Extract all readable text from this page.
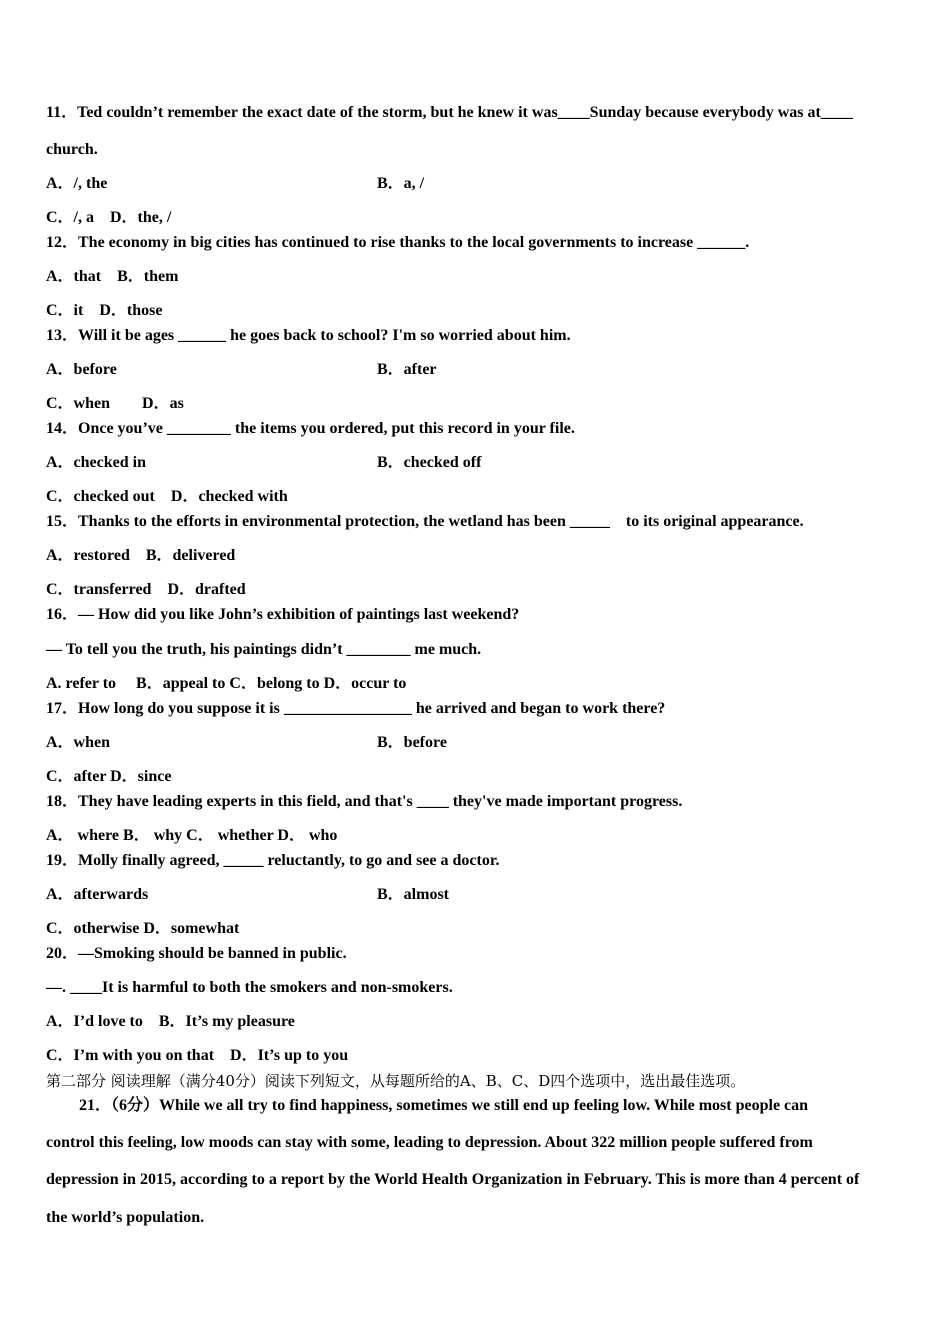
11．Ted couldn’t remember the exact date of the storm, but he knew it was____Sunday because everybody was at____
church.
A．/, the	B．a, /
C．/, a　D．the, /
12．The economy in big cities has continued to rise thanks to the local governments to increase ______.
A．that　B．them
C．it　D．those
13．Will it be ages ______ he goes back to school? I'm so worried about him.
A．before	B．after
C．when　　D．as
14．Once you’ve ________ the items you ordered, put this record in your file.
A．checked in	B．checked off
C．checked out　D．checked with
15．Thanks to the efforts in environmental protection, the wetland has been _____　to its original appearance.
A．restored　B．delivered
C．transferred　D．drafted
16．— How did you like John’s exhibition of paintings last weekend?
— To tell you the truth, his paintings didn’t ________ me much.
A. refer to　 B．appeal to C．belong to D．occur to
17．How long do you suppose it is ________________ he arrived and began to work there?
A．when	B．before
C．after D．since
18．They have leading experts in this field, and that's ____ they've made important progress.
A． where B． why C． whether D． who
19．Molly finally agreed, _____ reluctantly, to go and see a doctor.
A．afterwards	B．almost
C．otherwise D．somewhat
20．—Smoking should be banned in public.
—. ____It is harmful to both the smokers and non-smokers.
A．I’d love to　B．It’s my pleasure
C．I’m with you on that　D．It’s up to you
第二部分 阅读理解（满分40分）阅读下列短文，从每题所给的A、B、C、D四个选项中，选出最佳选项。
21．（6分）While we all try to find happiness, sometimes we still end up feeling low. While most people can
control this feeling, low moods can stay with some, leading to depression. About 322 million people suffered from
depression in 2015, according to a report by the World Health Organization in February. This is more than 4 percent of
the world’s population.
